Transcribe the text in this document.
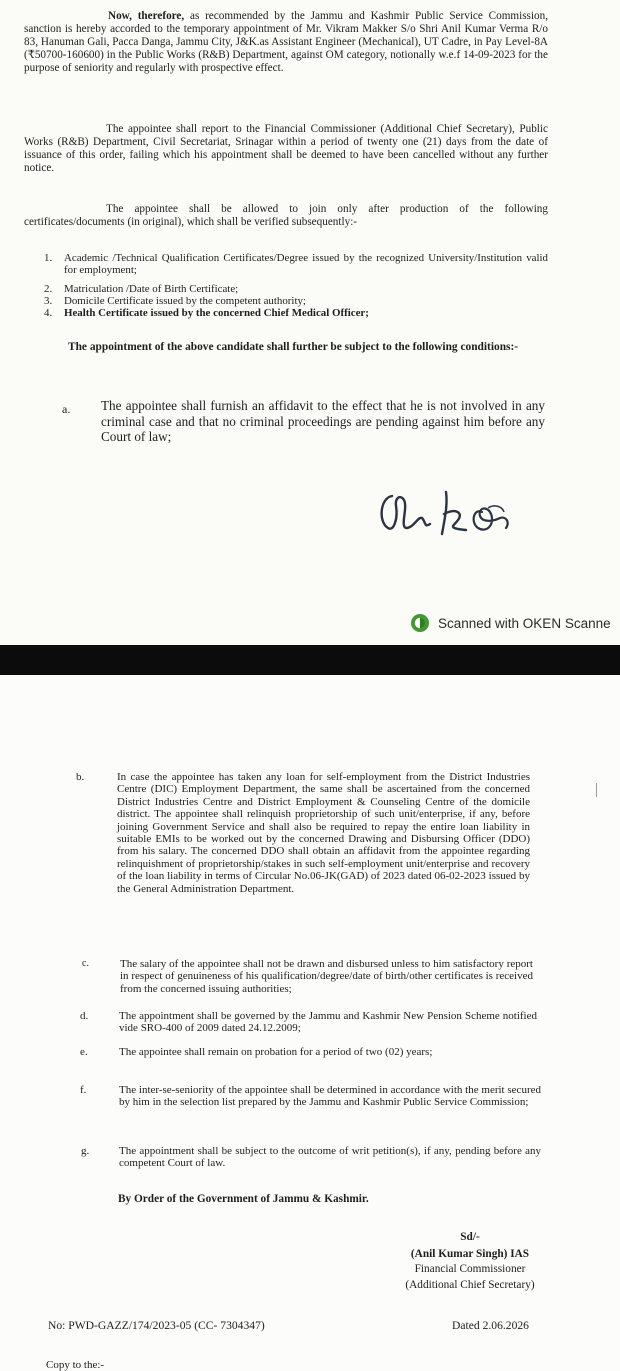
Now, therefore, as recommended by the Jammu and Kashmir Public Service Commission, sanction is hereby accorded to the temporary appointment of Mr. Vikram Makker S/o Shri Anil Kumar Verma R/o 83, Hanuman Gali, Pacca Danga, Jammu City, J&K.as Assistant Engineer (Mechanical), UT Cadre, in Pay Level-8A (₹50700-160600) in the Public Works (R&B) Department, against OM category, notionally w.e.f 14-09-2023 for the purpose of seniority and regularly with prospective effect.
The appointee shall report to the Financial Commissioner (Additional Chief Secretary), Public Works (R&B) Department, Civil Secretariat, Srinagar within a period of twenty one (21) days from the date of issuance of this order, failing which his appointment shall be deemed to have been cancelled without any further notice.
The appointee shall be allowed to join only after production of the following certificates/documents (in original), which shall be verified subsequently:-
1. Academic /Technical Qualification Certificates/Degree issued by the recognized University/Institution valid for employment;
2. Matriculation /Date of Birth Certificate;
3. Domicile Certificate issued by the competent authority;
4. Health Certificate issued by the concerned Chief Medical Officer;
The appointment of the above candidate shall further be subject to the following conditions:-
a. The appointee shall furnish an affidavit to the effect that he is not involved in any criminal case and that no criminal proceedings are pending against him before any Court of law;
Scanned with OKEN Scanne
b.	In case the appointee has taken any loan for self-employment from the District Industries Centre (DIC) Employment Department, the same shall be ascertained from the concerned District Industries Centre and District Employment & Counseling Centre of the domicile district. The appointee shall relinquish proprietorship of such unit/enterprise, if any, before joining Government Service and shall also be required to repay the entire loan liability in suitable EMIs to be worked out by the concerned Drawing and Disbursing Officer (DDO) from his salary. The concerned DDO shall obtain an affidavit from the appointee regarding relinquishment of proprietorship/stakes in such self-employment unit/enterprise and recovery of the loan liability in terms of Circular No.06-JK(GAD) of 2023 dated 06-02-2023 issued by the General Administration Department.
c.	The salary of the appointee shall not be drawn and disbursed unless to him satisfactory report in respect of genuineness of his qualification/degree/date of birth/other certificates is received from the concerned issuing authorities;
d.	The appointment shall be governed by the Jammu and Kashmir New Pension Scheme notified vide SRO-400 of 2009 dated 24.12.2009;
e.	The appointee shall remain on probation for a period of two (02) years;
f.	The inter-se-seniority of the appointee shall be determined in accordance with the merit secured by him in the selection list prepared by the Jammu and Kashmir Public Service Commission;
g.	The appointment shall be subject to the outcome of writ petition(s), if any, pending before any competent Court of law.
By Order of the Government of Jammu & Kashmir.
Sd/-
(Anil Kumar Singh) IAS
Financial Commissioner
(Additional Chief Secretary)
No: PWD-GAZZ/174/2023-05 (CC- 7304347)	Dated 2.06.2026
Copy to the:-
